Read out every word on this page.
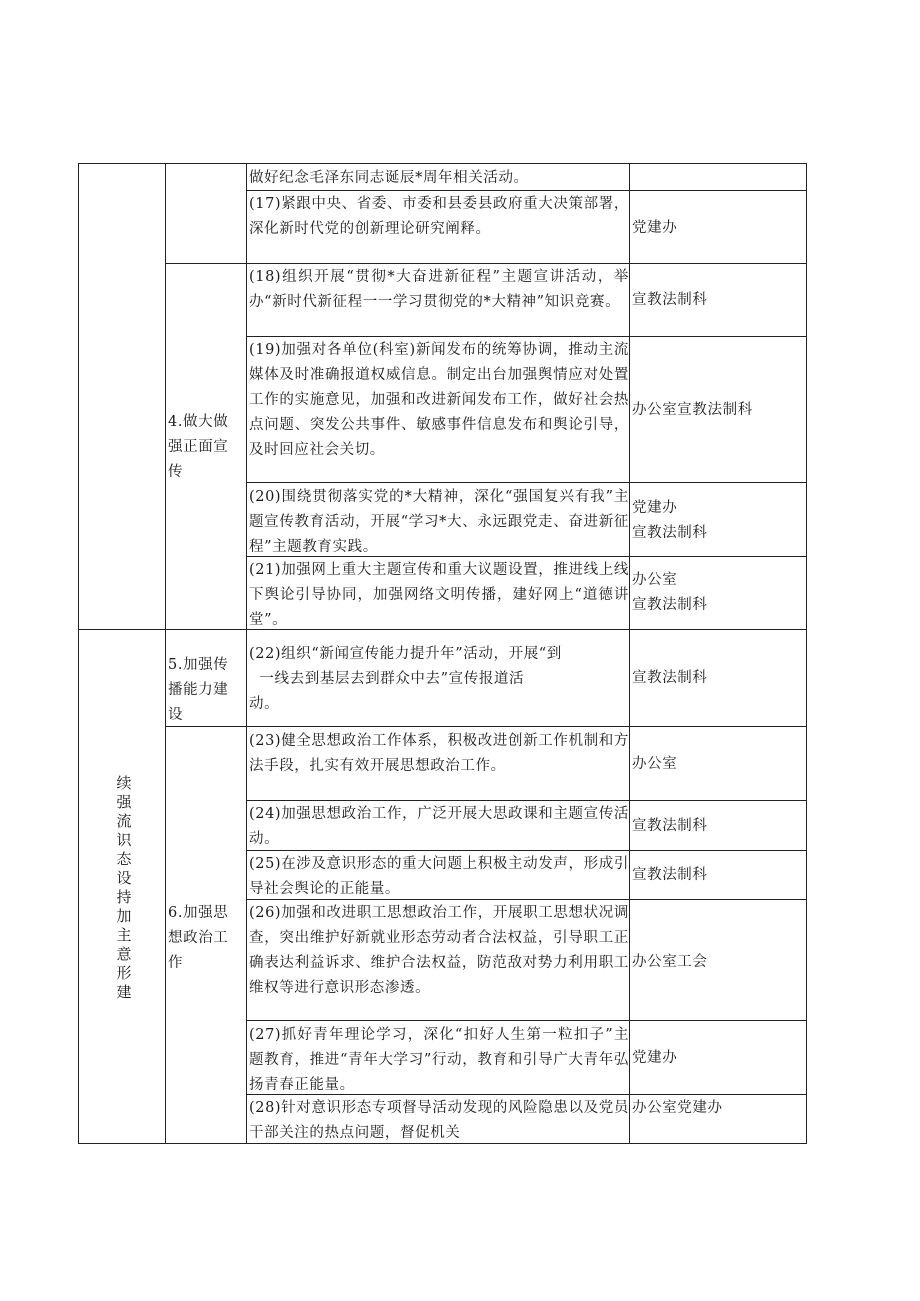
续强流识态设持加主意形建
4.做大做强正面宣传
5.加强传播能力建设
6.加强思想政治工作
做好纪念毛泽东同志诞辰*周年相关活动。
(17)紧跟中央、省委、市委和县委县政府重大决策部署，深化新时代党的创新理论研究阐释。
(18)组织开展“贯彻*大奋进新征程”主题宣讲活动，举办“新时代新征程一一学习贯彻党的*大精神”知识竞赛。
(19)加强对各单位(科室)新闻发布的统筹协调，推动主流媒体及时准确报道权威信息。制定出台加强舆情应对处置工作的实施意见，加强和改进新闻发布工作，做好社会热点问题、突发公共事件、敏感事件信息发布和舆论引导，及时回应社会关切。
(20)围绕贯彻落实党的*大精神，深化“强国复兴有我”主题宣传教育活动，开展“学习*大、永远跟党走、奋进新征程”主题教育实践。
(21)加强网上重大主题宣传和重大议题设置，推进线上线下舆论引导协同，加强网络文明传播，建好网上“道德讲堂”。
(22)组织“新闻宣传能力提升年”活动，开展“到
一线去到基层去到群众中去”宣传报道活
动。
(23)健全思想政治工作体系，积极改进创新工作机制和方法手段，扎实有效开展思想政治工作。
(24)加强思想政治工作，广泛开展大思政课和主题宣传活动。
(25)在涉及意识形态的重大问题上积极主动发声，形成引导社会舆论的正能量。
(26)加强和改进职工思想政治工作，开展职工思想状况调查，突出维护好新就业形态劳动者合法权益，引导职工正确表达利益诉求、维护合法权益，防范敌对势力利用职工维权等进行意识形态渗透。
(27)抓好青年理论学习，深化“扣好人生第一粒扣子”主题教育，推进“青年大学习”行动，教育和引导广大青年弘扬青春正能量。
(28)针对意识形态专项督导活动发现的风险隐患以及党员干部关注的热点问题，督促机关
党建办
宣教法制科
办公室宣教法制科
党建办
宣教法制科
办公室
宣教法制科
宣教法制科
办公室
宣教法制科
宣教法制科
办公室工会
党建办
办公室党建办
